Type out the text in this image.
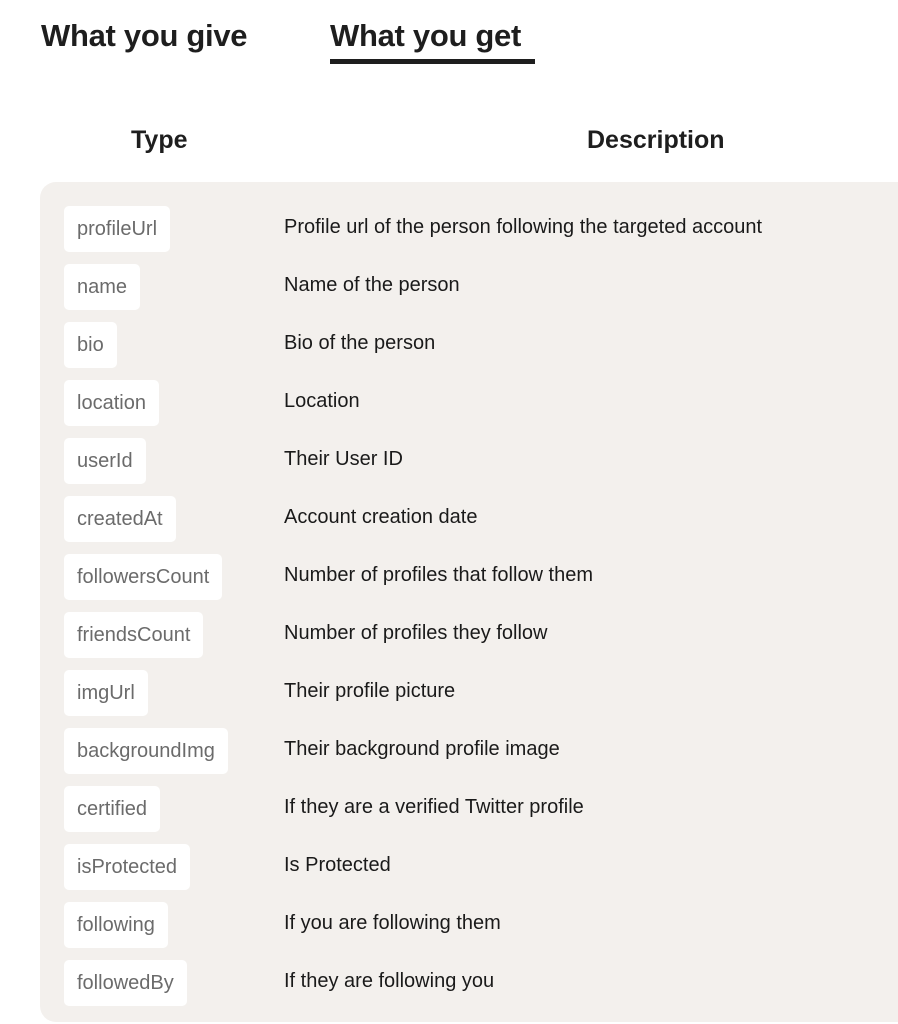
What you give	What you get
Type	Description
profileUrl	Profile url of the person following the targeted account
name	Name of the person
bio	Bio of the person
location	Location
userId	Their User ID
createdAt	Account creation date
followersCount	Number of profiles that follow them
friendsCount	Number of profiles they follow
imgUrl	Their profile picture
backgroundImg	Their background profile image
certified	If they are a verified Twitter profile
isProtected	Is Protected
following	If you are following them
followedBy	If they are following you
